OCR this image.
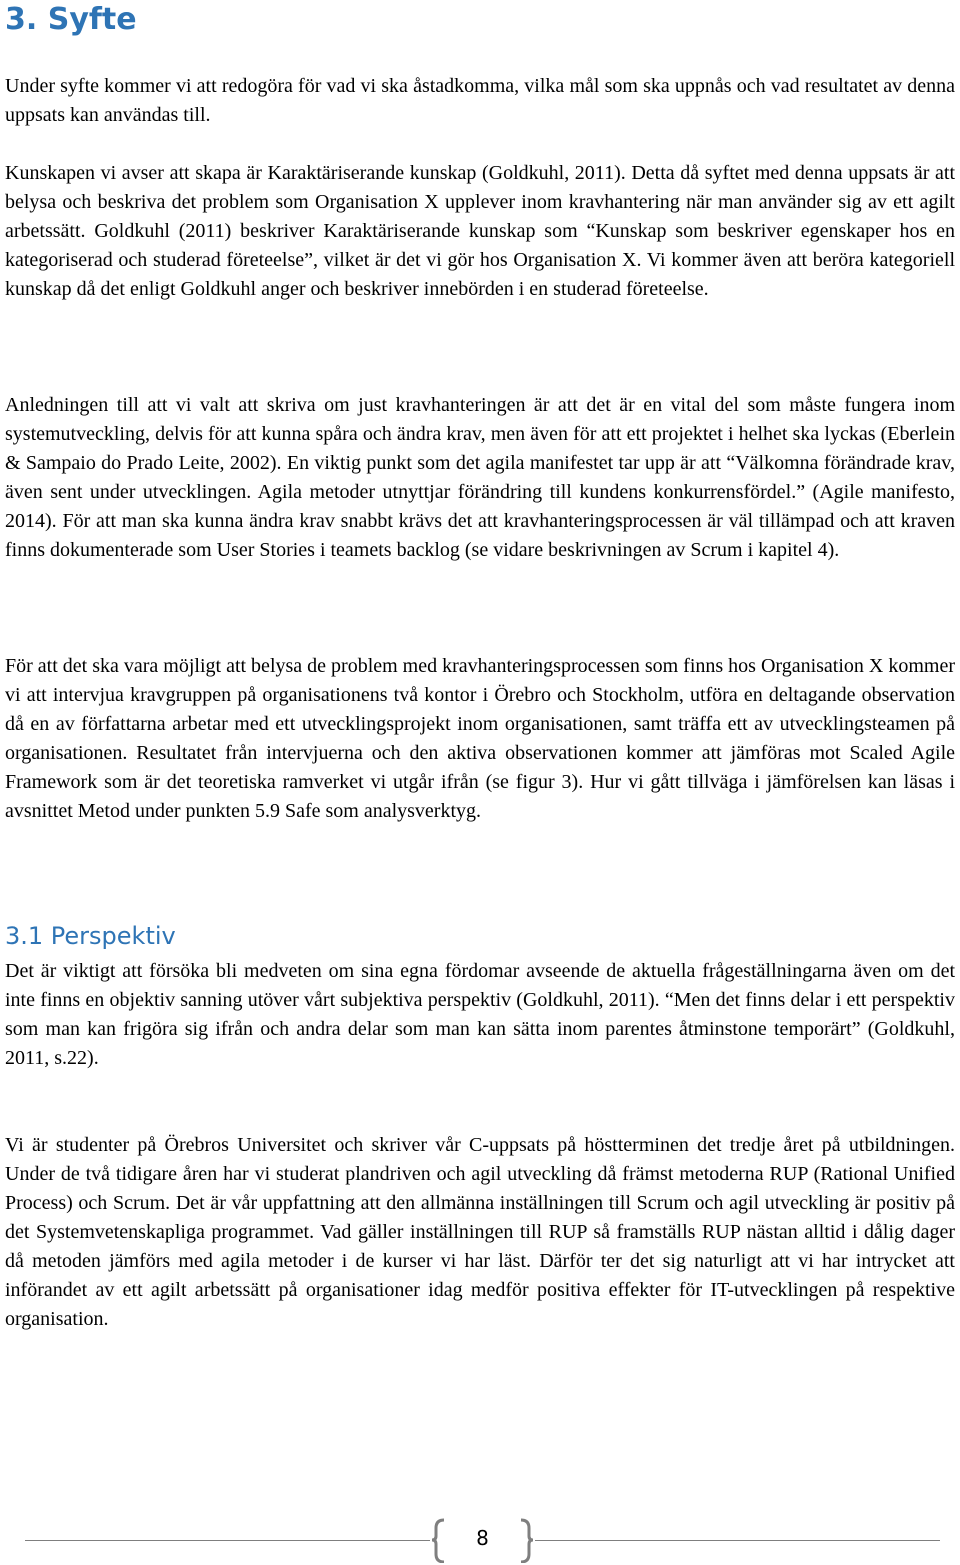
3. Syfte

Under syfte kommer vi att redogöra för vad vi ska åstadkomma, vilka mål som ska uppnås och vad resultatet av denna uppsats kan användas till.

Kunskapen vi avser att skapa är Karaktäriserande kunskap (Goldkuhl, 2011). Detta då syftet med denna uppsats är att belysa och beskriva det problem som Organisation X upplever inom kravhantering när man använder sig av ett agilt arbetssätt. Goldkuhl (2011) beskriver Karaktäriserande kunskap som “Kunskap som beskriver egenskaper hos en kategoriserad och studerad företeelse”, vilket är det vi gör hos Organisation X. Vi kommer även att beröra kategoriell kunskap då det enligt Goldkuhl anger och beskriver innebörden i en studerad företeelse.

Anledningen till att vi valt att skriva om just kravhanteringen är att det är en vital del som måste fungera inom systemutveckling, delvis för att kunna spåra och ändra krav, men även för att ett projektet i helhet ska lyckas (Eberlein & Sampaio do Prado Leite, 2002). En viktig punkt som det agila manifestet tar upp är att “Välkomna förändrade krav, även sent under utvecklingen. Agila metoder utnyttjar förändring till kundens konkurrensfördel.” (Agile manifesto, 2014). För att man ska kunna ändra krav snabbt krävs det att kravhanteringsprocessen är väl tillämpad och att kraven finns dokumenterade som User Stories i teamets backlog (se vidare beskrivningen av Scrum i kapitel 4).

För att det ska vara möjligt att belysa de problem med kravhanteringsprocessen som finns hos Organisation X kommer vi att intervjua kravgruppen på organisationens två kontor i Örebro och Stockholm, utföra en deltagande observation då en av författarna arbetar med ett utvecklingsprojekt inom organisationen, samt träffa ett av utvecklingsteamen på organisationen. Resultatet från intervjuerna och den aktiva observationen kommer att jämföras mot Scaled Agile Framework som är det teoretiska ramverket vi utgår ifrån (se figur 3). Hur vi gått tillväga i jämförelsen kan läsas i avsnittet Metod under punkten 5.9 Safe som analysverktyg.

3.1 Perspektiv

Det är viktigt att försöka bli medveten om sina egna fördomar avseende de aktuella frågeställningarna även om det inte finns en objektiv sanning utöver vårt subjektiva perspektiv (Goldkuhl, 2011). “Men det finns delar i ett perspektiv som man kan frigöra sig ifrån och andra delar som man kan sätta inom parentes åtminstone temporärt” (Goldkuhl, 2011, s.22).

Vi är studenter på Örebros Universitet och skriver vår C-uppsats på höstterminen det tredje året på utbildningen. Under de två tidigare åren har vi studerat plandriven och agil utveckling då främst metoderna RUP (Rational Unified Process) och Scrum. Det är vår uppfattning att den allmänna inställningen till Scrum och agil utveckling är positiv på det Systemvetenskapliga programmet. Vad gäller inställningen till RUP så framställs RUP nästan alltid i dålig dager då metoden jämförs med agila metoder i de kurser vi har läst. Därför ter det sig naturligt att vi har intrycket att införandet av ett agilt arbetssätt på organisationer idag medför positiva effekter för IT-utvecklingen på respektive organisation.

8
